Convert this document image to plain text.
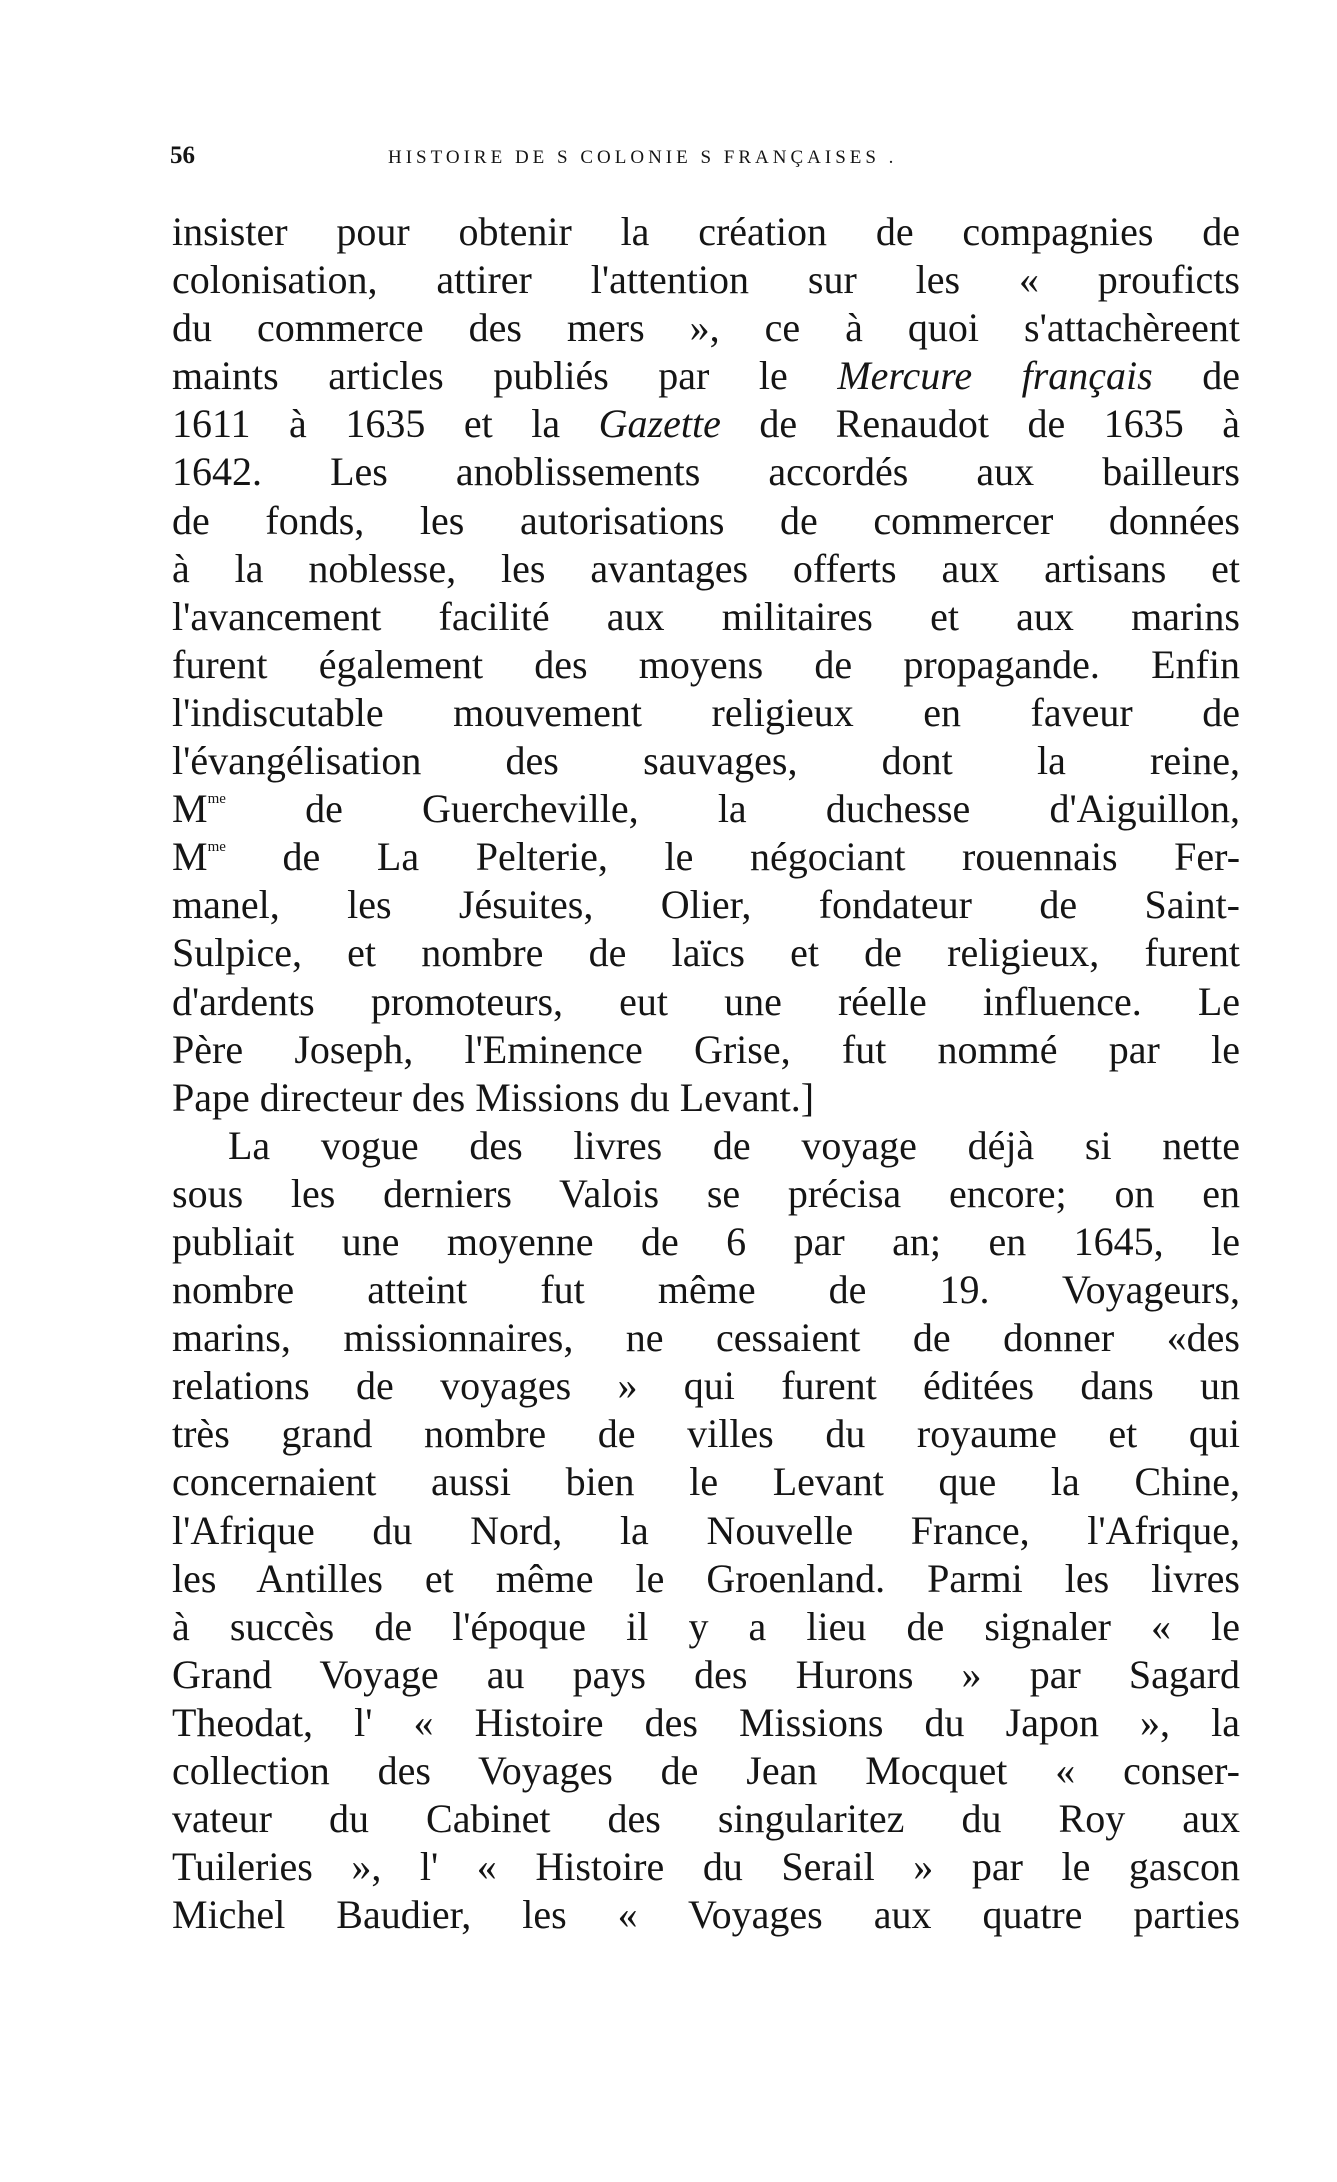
56	HISTOIRE DE S COLONIE S FRANÇAISES .
insister pour obtenir la création de compagnies de
colonisation, attirer l'attention sur les « prouficts
du commerce des mers », ce à quoi s'attachèreent
maints articles publiés par le Mercure français de
1611 à 1635 et la Gazette de Renaudot de 1635 à
1642. Les anoblissements accordés aux bailleurs
de fonds, les autorisations de commercer données
à la noblesse, les avantages offerts aux artisans et
l'avancement facilité aux militaires et aux marins
furent également des moyens de propagande. Enfin
l'indiscutable mouvement religieux en faveur de
l'évangélisation des sauvages, dont la reine,
$M^{me}$ de Guercheville, la duchesse d'Aiguillon,
$M^{me}$ de La Pelterie, le négociant rouennais Fer-
manel, les Jésuites, Olier, fondateur de Saint-
Sulpice, et nombre de laïcs et de religieux, furent
d'ardents promoteurs, eut une réelle influence. Le
Père Joseph, l'Eminence Grise, fut nommé par le
Pape directeur des Missions du Levant.]
La vogue des livres de voyage déjà si nette
sous les derniers Valois se précisa encore; on en
publiait une moyenne de 6 par an; en 1645, le
nombre atteint fut même de 19. Voyageurs,
marins, missionnaires, ne cessaient de donner «des
relations de voyages » qui furent éditées dans un
très grand nombre de villes du royaume et qui
concernaient aussi bien le Levant que la Chine,
l'Afrique du Nord, la Nouvelle France, l'Afrique,
les Antilles et même le Groenland. Parmi les livres
à succès de l'époque il y a lieu de signaler « le
Grand Voyage au pays des Hurons » par Sagard
Theodat, l' « Histoire des Missions du Japon », la
collection des Voyages de Jean Mocquet « conser-
vateur du Cabinet des singularitez du Roy aux
Tuileries », l' « Histoire du Serail » par le gascon
Michel Baudier, les « Voyages aux quatre parties
